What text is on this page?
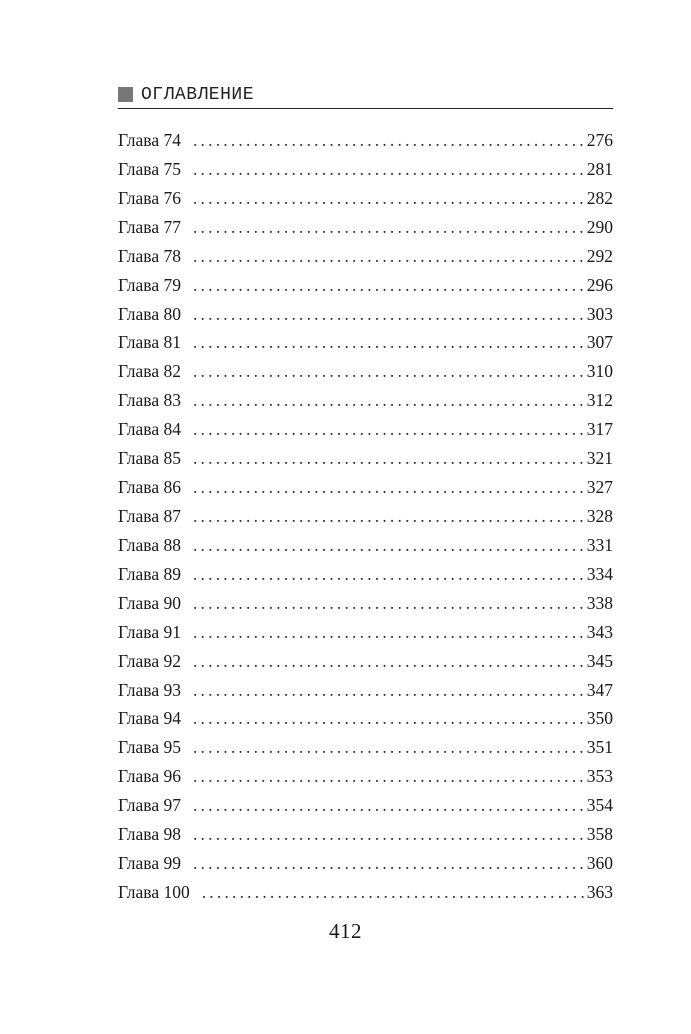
ОГЛАВЛЕНИЕ
Глава 74 .....	276
Глава 75 .....	281
Глава 76 .....	282
Глава 77 .....	290
Глава 78 .....	292
Глава 79 .....	296
Глава 80 .....	303
Глава 81 .....	307
Глава 82 .....	310
Глава 83 .....	312
Глава 84 .....	317
Глава 85 .....	321
Глава 86 .....	327
Глава 87 .....	328
Глава 88 .....	331
Глава 89 .....	334
Глава 90 .....	338
Глава 91 .....	343
Глава 92 .....	345
Глава 93 .....	347
Глава 94 .....	350
Глава 95 .....	351
Глава 96 .....	353
Глава 97 .....	354
Глава 98 .....	358
Глава 99 .....	360
Глава 100 .....	363
412
